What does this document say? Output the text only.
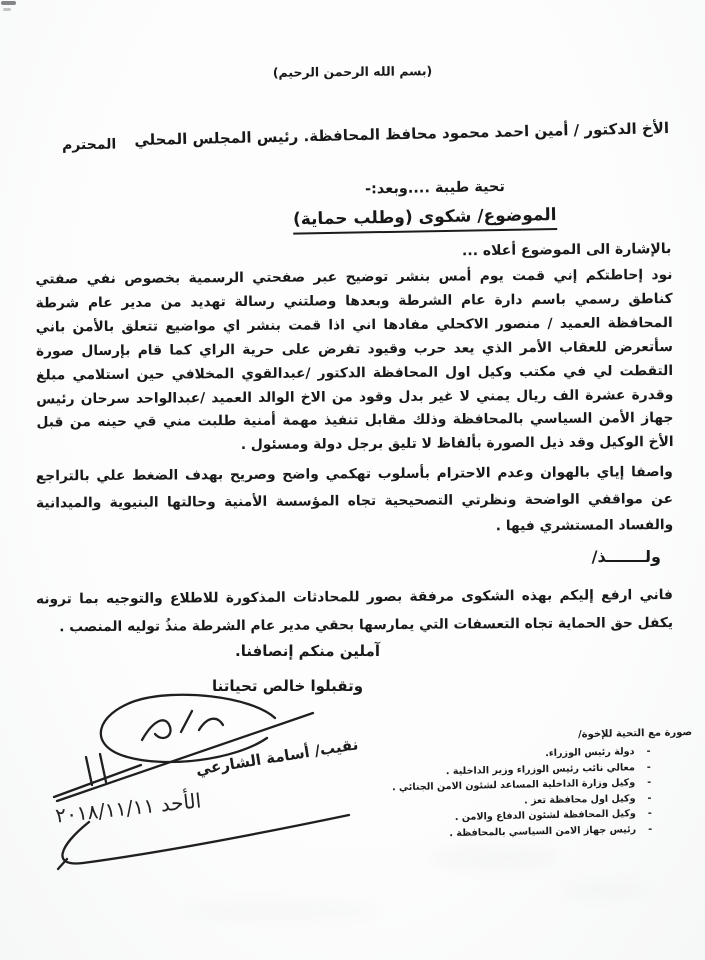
(بسم الله الرحمن الرحيم)
الأخ الدكتور / أمين احمد محمود محافظ المحافظة. رئيس المجلس المحلي
المحترم
تحية طيبة ....وبعد:-
الموضوع/ شكوى (وطلب حماية)
بالإشارة الى الموضوع أعلاه ...
نود إحاطتكم إني قمت يوم أمس بنشر توضيح عبر صفحتي الرسمية بخصوص نفي صفتي كناطق رسمي باسم دارة عام الشرطة وبعدها وصلتني رسالة تهديد من مدير عام شرطة المحافظة العميد / منصور الاكحلي مفادها اني اذا قمت بنشر اي مواضيع تتعلق بالأمن باني سأتعرض للعقاب الأمر الذي يعد حرب وقيود تفرض على حرية الراي كما قام بإرسال صورة التقطت لي في مكتب وكيل اول المحافظة الدكتور /عبدالقوي المخلافي حين استلامي مبلغ وقدرة عشرة الف ريال يمني لا غير بدل وقود من الاخ الوالد العميد /عبدالواحد سرحان رئيس جهاز الأمن السياسي بالمحافظة وذلك مقابل تنفيذ مهمة أمنية طلبت مني قي حينه من قبل الأخ الوكيل وقد ذيل الصورة بألفاظ لا تليق برجل دولة ومسئول .
واصفا إياي بالهوان وعدم الاحترام بأسلوب تهكمي واضح وصريح بهدف الضغط علي بالتراجع عن مواقفي الواضحة ونظرتي التصحيحية تجاه المؤسسة الأمنية وحالتها البنيوية والميدانية والفساد المستشري فيها .
ولـــــــذ/
فاني ارفع إليكم بهذه الشكوى مرفقة بصور للمحادثات المذكورة للاطلاع والتوجيه بما ترونه يكفل حق الحماية تجاه التعسفات التي يمارسها بحقي مدير عام الشرطة منذُ توليه المنصب .
آملين منكم إنصافنا.
وتقبلوا خالص تحياتنا
نقيب/ أسامة الشارعي
الأحد ٢٠١٨/١١/١١
صورة مع التحية للإخوة/
-
دولة رئيس الوزراء.
-
معالي نائب رئيس الوزراء وزير الداخلية .
-
وكيل وزارة الداخلية المساعد لشئون الامن الجنائي .
-
وكيل اول محافظة تعز .
-
وكيل المحافظة لشئون الدفاع والامن .
-
رئيس جهاز الامن السياسي بالمحافظة .
